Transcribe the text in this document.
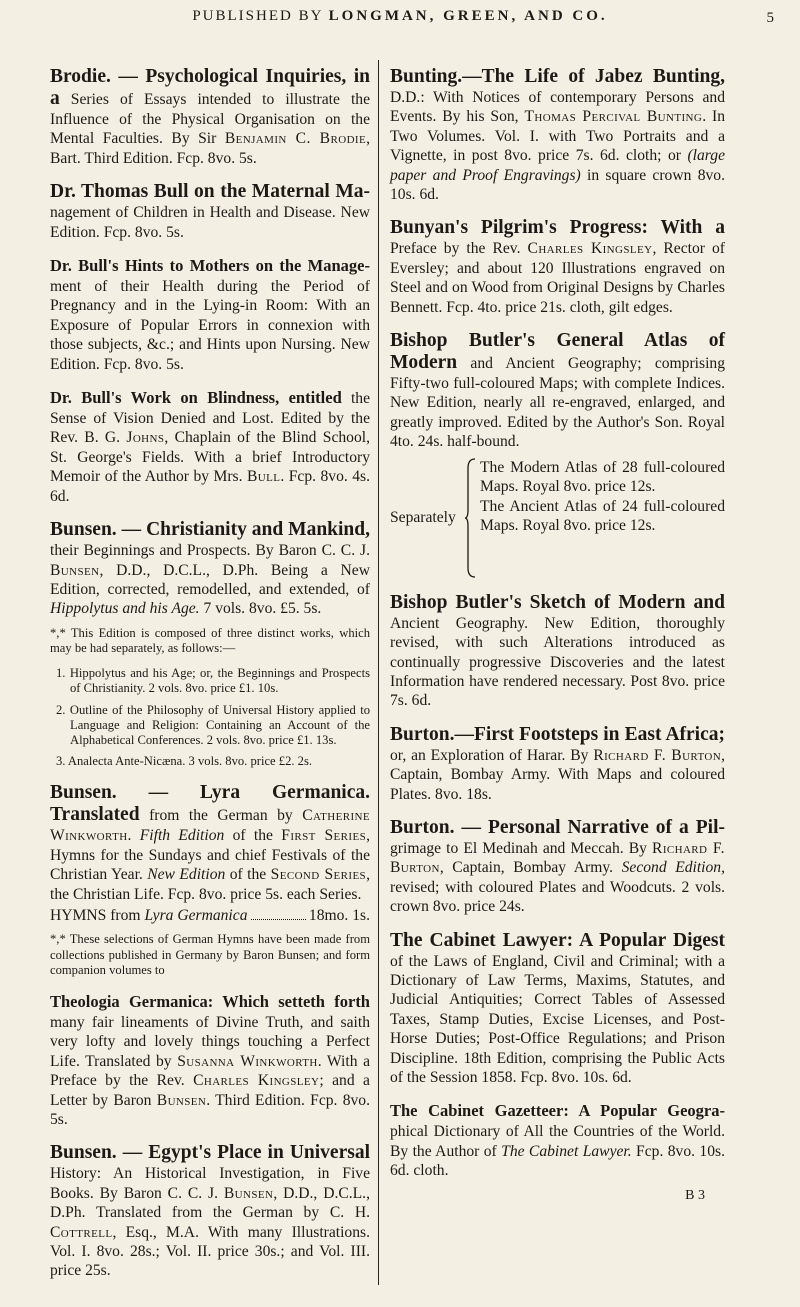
PUBLISHED BY LONGMAN, GREEN, AND CO.	5
Brodie. — Psychological Inquiries, in a Series of Essays intended to illustrate the Influence of the Physical Organisation on the Mental Faculties. By Sir Benjamin C. Brodie, Bart. Third Edition. Fcp. 8vo. 5s.
Dr. Thomas Bull on the Maternal Ma- nagement of Children in Health and Disease. New Edition. Fcp. 8vo. 5s.
Dr. Bull's Hints to Mothers on the Manage- ment of their Health during the Period of Pregnancy and in the Lying-in Room: With an Exposure of Popular Errors in connexion with those subjects, &c.; and Hints upon Nursing. New Edition. Fcp. 8vo. 5s.
Dr. Bull's Work on Blindness, entitled the Sense of Vision Denied and Lost. Edited by the Rev. B. G. Johns, Chaplain of the Blind School, St. George's Fields. With a brief Introductory Memoir of the Author by Mrs. Bull. Fcp. 8vo. 4s. 6d.
Bunsen. — Christianity and Mankind, their Beginnings and Prospects. By Baron C. C. J. Bunsen, D.D., D.C.L., D.Ph. Being a New Edition, corrected, remodelled, and extended, of Hippolytus and his Age. 7 vols. 8vo. £5. 5s.
*,* This Edition is composed of three distinct works, which may be had separately, as follows:—
1. Hippolytus and his Age; or, the Beginnings and Prospects of Christianity. 2 vols. 8vo. price £1. 10s.
2. Outline of the Philosophy of Universal History applied to Language and Religion: Containing an Account of the Alphabetical Conferences. 2 vols. 8vo. price £1. 13s.
3. Analecta Ante-Nicæna. 3 vols. 8vo. price £2. 2s.
Bunsen. — Lyra Germanica. Translated from the German by Catherine Winkworth. Fifth Edition of the First Series, Hymns for the Sundays and chief Festivals of the Christian Year. New Edition of the Second Series, the Christian Life. Fcp. 8vo. price 5s. each Series.
HYMNS from Lyra Germanica	18mo. 1s.
*,* These selections of German Hymns have been made from collections published in Germany by Baron Bunsen; and form companion volumes to
Theologia Germanica: Which setteth forth many fair lineaments of Divine Truth, and saith very lofty and lovely things touching a Perfect Life. Translated by Susanna Winkworth. With a Preface by the Rev. Charles Kingsley; and a Letter by Baron Bunsen. Third Edition. Fcp. 8vo. 5s.
Bunsen. — Egypt's Place in Universal History: An Historical Investigation, in Five Books. By Baron C. C. J. Bunsen, D.D., D.C.L., D.Ph. Translated from the German by C. H. Cottrell, Esq., M.A. With many Illustrations. Vol. I. 8vo. 28s.; Vol. II. price 30s.; and Vol. III. price 25s.
Bunting.—The Life of Jabez Bunting, D.D.: With Notices of contemporary Persons and Events. By his Son, Thomas Percival Bunting. In Two Volumes. Vol. I. with Two Portraits and a Vignette, in post 8vo. price 7s. 6d. cloth; or (large paper and Proof Engravings) in square crown 8vo. 10s. 6d.
Bunyan's Pilgrim's Progress: With a Preface by the Rev. Charles Kingsley, Rector of Eversley; and about 120 Illustrations engraved on Steel and on Wood from Original Designs by Charles Bennett. Fcp. 4to. price 21s. cloth, gilt edges.
Bishop Butler's General Atlas of Modern and Ancient Geography; comprising Fifty-two full-coloured Maps; with complete Indices. New Edition, nearly all re-engraved, enlarged, and greatly improved. Edited by the Author's Son. Royal 4to. 24s. half-bound.
Separately
The Modern Atlas of 28 full-coloured Maps. Royal 8vo. price 12s.
The Ancient Atlas of 24 full-coloured Maps. Royal 8vo. price 12s.
Bishop Butler's Sketch of Modern and Ancient Geography. New Edition, thoroughly revised, with such Alterations introduced as continually progressive Discoveries and the latest Information have rendered necessary. Post 8vo. price 7s. 6d.
Burton.—First Footsteps in East Africa; or, an Exploration of Harar. By Richard F. Burton, Captain, Bombay Army. With Maps and coloured Plates. 8vo. 18s.
Burton. — Personal Narrative of a Pil- grimage to El Medinah and Meccah. By Richard F. Burton, Captain, Bombay Army. Second Edition, revised; with coloured Plates and Woodcuts. 2 vols. crown 8vo. price 24s.
The Cabinet Lawyer: A Popular Digest of the Laws of England, Civil and Criminal; with a Dictionary of Law Terms, Maxims, Statutes, and Judicial Antiquities; Correct Tables of Assessed Taxes, Stamp Duties, Excise Licenses, and Post-Horse Duties; Post-Office Regulations; and Prison Discipline. 18th Edition, comprising the Public Acts of the Session 1858. Fcp. 8vo. 10s. 6d.
The Cabinet Gazetteer: A Popular Geogra- phical Dictionary of All the Countries of the World. By the Author of The Cabinet Lawyer. Fcp. 8vo. 10s. 6d. cloth.
B 3
